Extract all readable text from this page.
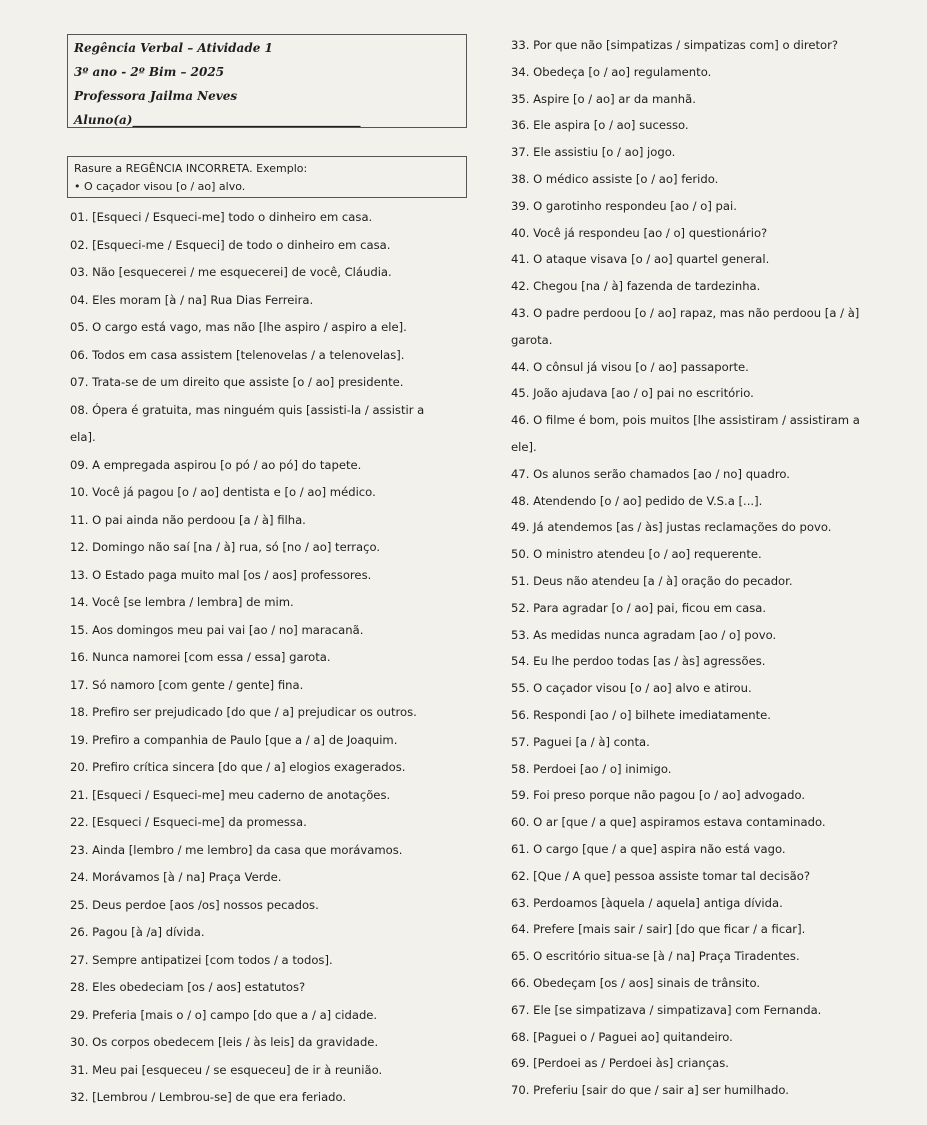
Regência Verbal – Atividade 1
3º ano - 2º Bim – 2025
Professora Jailma Neves
Aluno(a)______________________________________
Rasure a REGÊNCIA INCORRETA. Exemplo:
• O caçador visou [o / ao] alvo.
01. [Esqueci / Esqueci-me] todo o dinheiro em casa.
02. [Esqueci-me / Esqueci] de todo o dinheiro em casa.
03. Não [esquecerei / me esquecerei] de você, Cláudia.
04. Eles moram [à / na] Rua Dias Ferreira.
05. O cargo está vago, mas não [lhe aspiro / aspiro a ele].
06. Todos em casa assistem [telenovelas / a telenovelas].
07. Trata-se de um direito que assiste [o / ao] presidente.
08. Ópera é gratuita, mas ninguém quis [assisti-la / assistir a
ela].
09. A empregada aspirou [o pó / ao pó] do tapete.
10. Você já pagou [o / ao] dentista e [o / ao] médico.
11. O pai ainda não perdoou [a / à] filha.
12. Domingo não saí [na / à] rua, só [no / ao] terraço.
13. O Estado paga muito mal [os / aos] professores.
14. Você [se lembra / lembra] de mim.
15. Aos domingos meu pai vai [ao / no] maracanã.
16. Nunca namorei [com essa / essa] garota.
17. Só namoro [com gente / gente] fina.
18. Prefiro ser prejudicado [do que / a] prejudicar os outros.
19. Prefiro a companhia de Paulo [que a / a] de Joaquim.
20. Prefiro crítica sincera [do que / a] elogios exagerados.
21. [Esqueci / Esqueci-me] meu caderno de anotações.
22. [Esqueci / Esqueci-me] da promessa.
23. Ainda [lembro / me lembro] da casa que morávamos.
24. Morávamos [à / na] Praça Verde.
25. Deus perdoe [aos /os] nossos pecados.
26. Pagou [à /a] dívida.
27. Sempre antipatizei [com todos / a todos].
28. Eles obedeciam [os / aos] estatutos?
29. Preferia [mais o / o] campo [do que a / a] cidade.
30. Os corpos obedecem [leis / às leis] da gravidade.
31. Meu pai [esqueceu / se esqueceu] de ir à reunião.
32. [Lembrou / Lembrou-se] de que era feriado.
33. Por que não [simpatizas / simpatizas com] o diretor?
34. Obedeça [o / ao] regulamento.
35. Aspire [o / ao] ar da manhã.
36. Ele aspira [o / ao] sucesso.
37. Ele assistiu [o / ao] jogo.
38. O médico assiste [o / ao] ferido.
39. O garotinho respondeu [ao / o] pai.
40. Você já respondeu [ao / o] questionário?
41. O ataque visava [o / ao] quartel general.
42. Chegou [na / à] fazenda de tardezinha.
43. O padre perdoou [o / ao] rapaz, mas não perdoou [a / à]
garota.
44. O cônsul já visou [o / ao] passaporte.
45. João ajudava [ao / o] pai no escritório.
46. O filme é bom, pois muitos [lhe assistiram / assistiram a
ele].
47. Os alunos serão chamados [ao / no] quadro.
48. Atendendo [o / ao] pedido de V.S.a [...].
49. Já atendemos [as / às] justas reclamações do povo.
50. O ministro atendeu [o / ao] requerente.
51. Deus não atendeu [a / à] oração do pecador.
52. Para agradar [o / ao] pai, ficou em casa.
53. As medidas nunca agradam [ao / o] povo.
54. Eu lhe perdoo todas [as / às] agressões.
55. O caçador visou [o / ao] alvo e atirou.
56. Respondi [ao / o] bilhete imediatamente.
57. Paguei [a / à] conta.
58. Perdoei [ao / o] inimigo.
59. Foi preso porque não pagou [o / ao] advogado.
60. O ar [que / a que] aspiramos estava contaminado.
61. O cargo [que / a que] aspira não está vago.
62. [Que / A que] pessoa assiste tomar tal decisão?
63. Perdoamos [àquela / aquela] antiga dívida.
64. Prefere [mais sair / sair] [do que ficar / a ficar].
65. O escritório situa-se [à / na] Praça Tiradentes.
66. Obedeçam [os / aos] sinais de trânsito.
67. Ele [se simpatizava / simpatizava] com Fernanda.
68. [Paguei o / Paguei ao] quitandeiro.
69. [Perdoei as / Perdoei às] crianças.
70. Preferiu [sair do que / sair a] ser humilhado.
